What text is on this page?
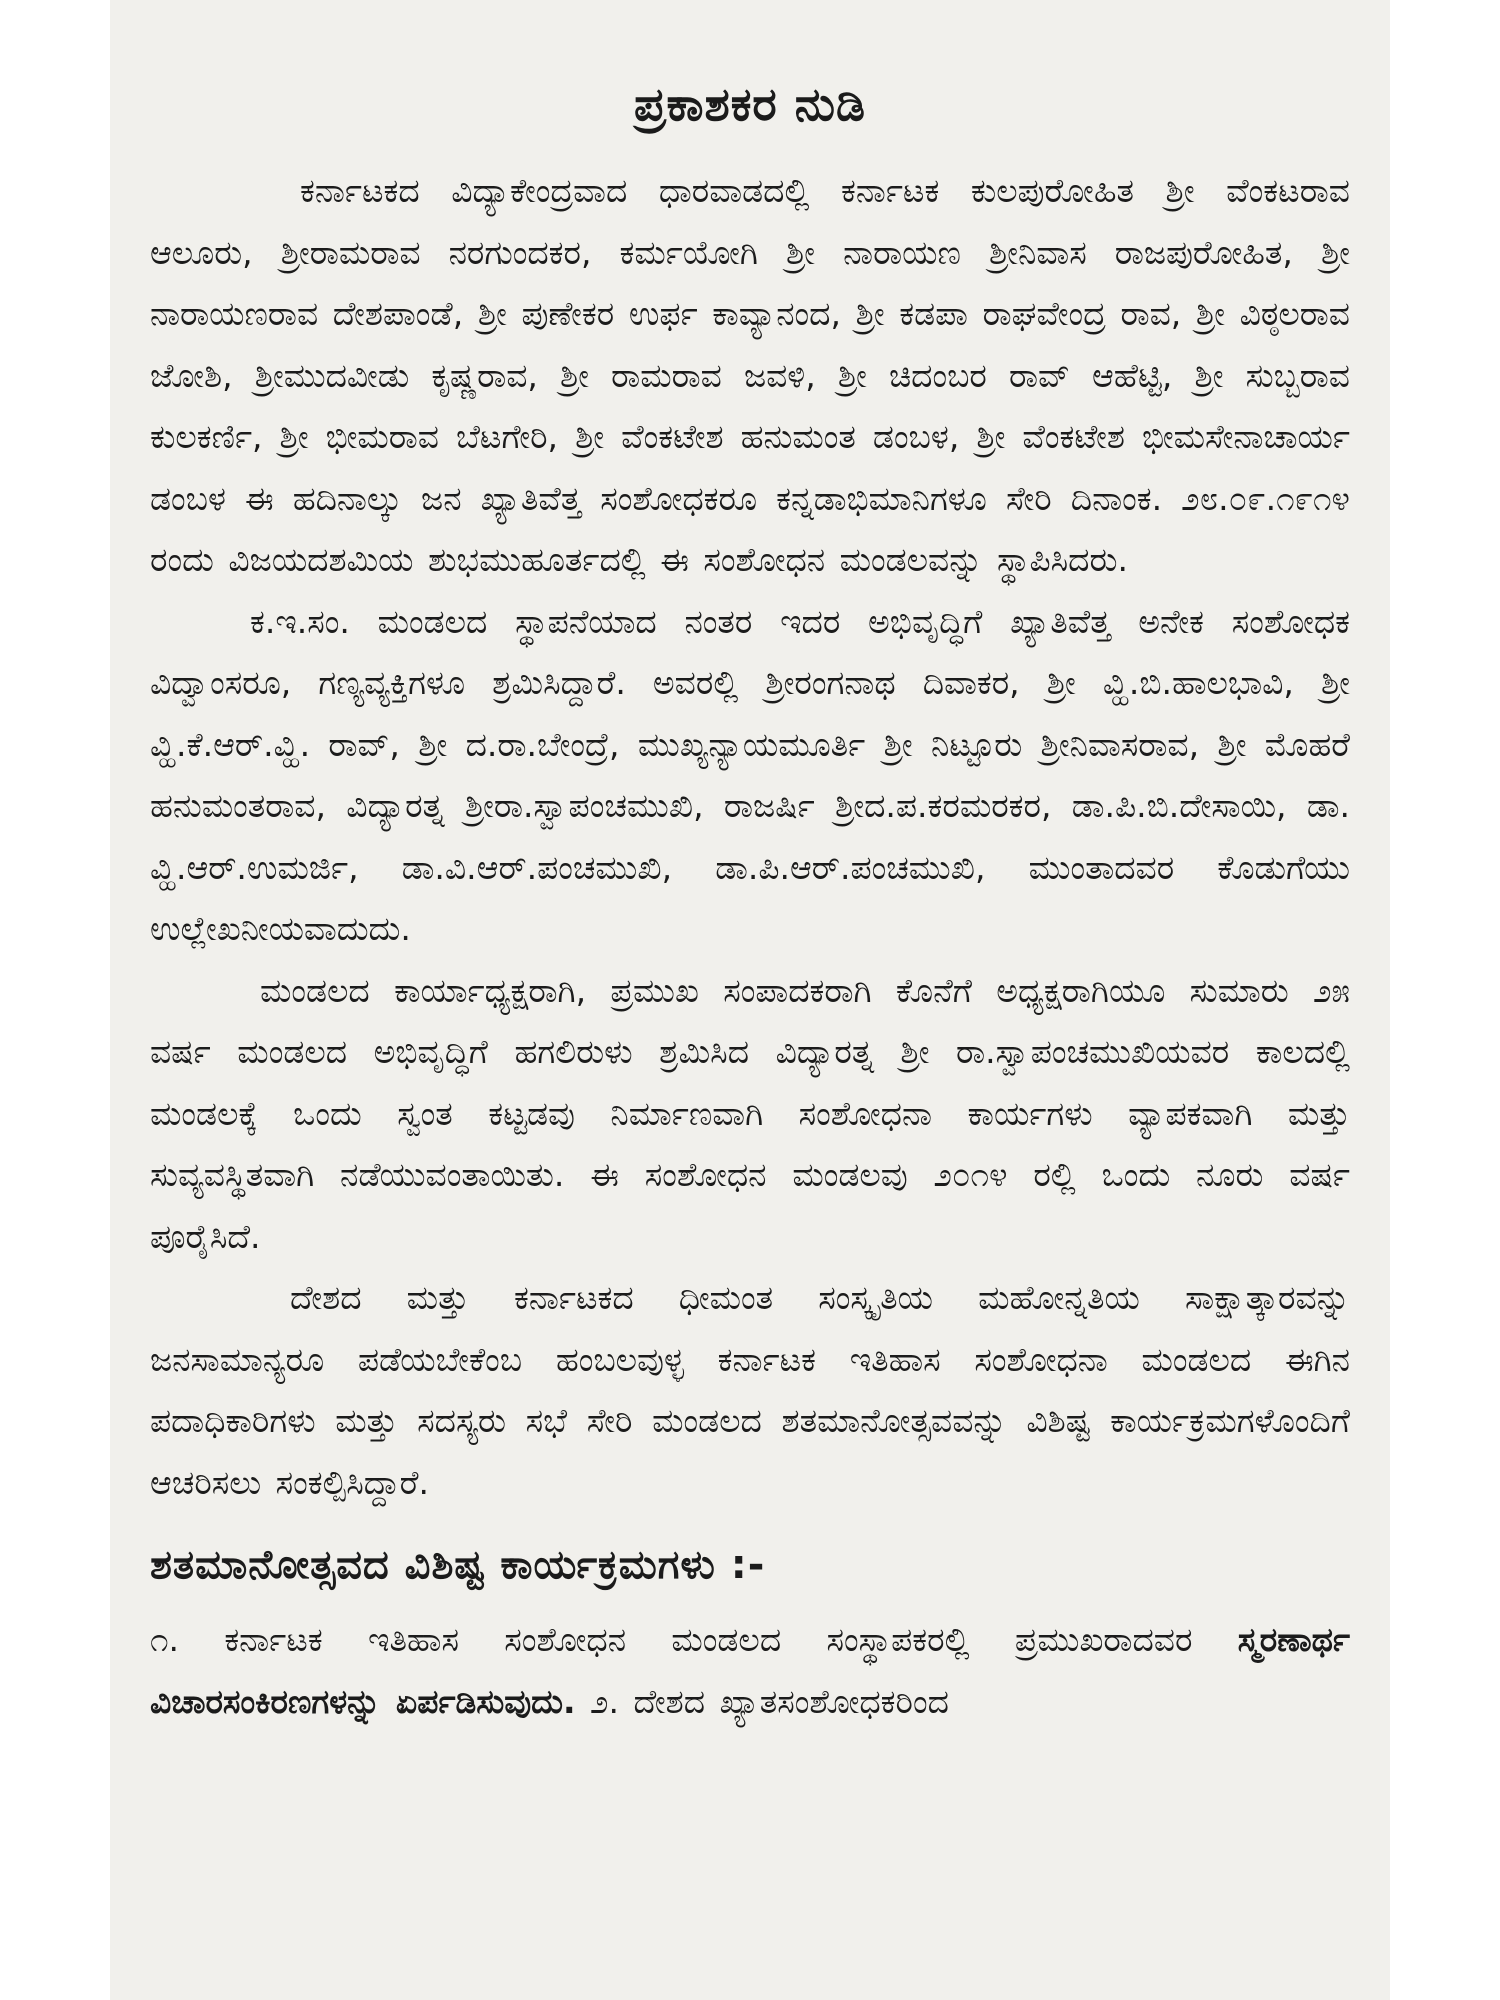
ಪ್ರಕಾಶಕರ ನುಡಿ

ಕರ್ನಾಟಕದ ವಿದ್ಯಾಕೇಂದ್ರವಾದ ಧಾರವಾಡದಲ್ಲಿ ಕರ್ನಾಟಕ ಕುಲಪುರೋಹಿತ ಶ್ರೀ ವೆಂಕಟರಾವ ಆಲೂರು, ಶ್ರೀರಾಮರಾವ ನರಗುಂದಕರ, ಕರ್ಮಯೋಗಿ ಶ್ರೀ ನಾರಾಯಣ ಶ್ರೀನಿವಾಸ ರಾಜಪುರೋಹಿತ, ಶ್ರೀ ನಾರಾಯಣರಾವ ದೇಶಪಾಂಡೆ, ಶ್ರೀ ಪುಣೇಕರ ಉರ್ಫ ಕಾವ್ಯಾನಂದ, ಶ್ರೀ ಕಡಪಾ ರಾಘವೇಂದ್ರ ರಾವ, ಶ್ರೀ ವಿಠ್ಠಲರಾವ ಜೋಶಿ, ಶ್ರೀಮುದವೀಡು ಕೃಷ್ಣರಾವ, ಶ್ರೀ ರಾಮರಾವ ಜವಳಿ, ಶ್ರೀ ಚಿದಂಬರ ರಾವ್ ಆಹೆಟ್ಟಿ, ಶ್ರೀ ಸುಬ್ಬರಾವ ಕುಲಕರ್ಣಿ, ಶ್ರೀ ಭೀಮರಾವ ಬೆಟಗೇರಿ, ಶ್ರೀ ವೆಂಕಟೇಶ ಹನುಮಂತ ಡಂಬಳ, ಶ್ರೀ ವೆಂಕಟೇಶ ಭೀಮಸೇನಾಚಾರ್ಯ ಡಂಬಳ ಈ ಹದಿನಾಲ್ಕು ಜನ ಖ್ಯಾತಿವೆತ್ತ ಸಂಶೋಧಕರೂ ಕನ್ನಡಾಭಿಮಾನಿಗಳೂ ಸೇರಿ ದಿನಾಂಕ. ೨೮.೦೯.೧೯೧೪ ರಂದು ವಿಜಯದಶಮಿಯ ಶುಭಮುಹೂರ್ತದಲ್ಲಿ ಈ ಸಂಶೋಧನ ಮಂಡಲವನ್ನು ಸ್ಥಾಪಿಸಿದರು.

ಕ.ಇ.ಸಂ. ಮಂಡಲದ ಸ್ಥಾಪನೆಯಾದ ನಂತರ ಇದರ ಅಭಿವೃದ್ಧಿಗೆ ಖ್ಯಾತಿವೆತ್ತ ಅನೇಕ ಸಂಶೋಧಕ ವಿದ್ವಾಂಸರೂ, ಗಣ್ಯವ್ಯಕ್ತಿಗಳೂ ಶ್ರಮಿಸಿದ್ದಾರೆ. ಅವರಲ್ಲಿ ಶ್ರೀರಂಗನಾಥ ದಿವಾಕರ, ಶ್ರೀ ವ್ಹಿ.ಬಿ.ಹಾಲಭಾವಿ, ಶ್ರೀ ವ್ಹಿ.ಕೆ.ಆರ್.ವ್ಹಿ. ರಾವ್, ಶ್ರೀ ದ.ರಾ.ಬೇಂದ್ರೆ, ಮುಖ್ಯನ್ಯಾಯಮೂರ್ತಿ ಶ್ರೀ ನಿಟ್ಟೂರು ಶ್ರೀನಿವಾಸರಾವ, ಶ್ರೀ ಮೊಹರೆ ಹನುಮಂತರಾವ, ವಿದ್ಯಾರತ್ನ ಶ್ರೀರಾ.ಸ್ವಾಪಂಚಮುಖಿ, ರಾಜರ್ಷಿ ಶ್ರೀದ.ಪ.ಕರಮರಕರ, ಡಾ.ಪಿ.ಬಿ.ದೇಸಾಯಿ, ಡಾ. ವ್ಹಿ.ಆರ್.ಉಮರ್ಜಿ, ಡಾ.ವಿ.ಆರ್.ಪಂಚಮುಖಿ, ಡಾ.ಪಿ.ಆರ್.ಪಂಚಮುಖಿ, ಮುಂತಾದವರ ಕೊಡುಗೆಯು ಉಲ್ಲೇಖನೀಯವಾದುದು.

ಮಂಡಲದ ಕಾರ್ಯಾಧ್ಯಕ್ಷರಾಗಿ, ಪ್ರಮುಖ ಸಂಪಾದಕರಾಗಿ ಕೊನೆಗೆ ಅಧ್ಯಕ್ಷರಾಗಿಯೂ ಸುಮಾರು ೨೫ ವರ್ಷ ಮಂಡಲದ ಅಭಿವೃದ್ಧಿಗೆ ಹಗಲಿರುಳು ಶ್ರಮಿಸಿದ ವಿದ್ಯಾರತ್ನ ಶ್ರೀ ರಾ.ಸ್ವಾಪಂಚಮುಖಿಯವರ ಕಾಲದಲ್ಲಿ ಮಂಡಲಕ್ಕೆ ಒಂದು ಸ್ವಂತ ಕಟ್ಟಡವು ನಿರ್ಮಾಣವಾಗಿ ಸಂಶೋಧನಾ ಕಾರ್ಯಗಳು ವ್ಯಾಪಕವಾಗಿ ಮತ್ತು ಸುವ್ಯವಸ್ಥಿತವಾಗಿ ನಡೆಯುವಂತಾಯಿತು. ಈ ಸಂಶೋಧನ ಮಂಡಲವು ೨೦೧೪ ರಲ್ಲಿ ಒಂದು ನೂರು ವರ್ಷ ಪೂರೈಸಿದೆ.

ದೇಶದ ಮತ್ತು ಕರ್ನಾಟಕದ ಧೀಮಂತ ಸಂಸ್ಕೃತಿಯ ಮಹೋನ್ನತಿಯ ಸಾಕ್ಷಾತ್ಕಾರವನ್ನು ಜನಸಾಮಾನ್ಯರೂ ಪಡೆಯಬೇಕೆಂಬ ಹಂಬಲವುಳ್ಳ ಕರ್ನಾಟಕ ಇತಿಹಾಸ ಸಂಶೋಧನಾ ಮಂಡಲದ ಈಗಿನ ಪದಾಧಿಕಾರಿಗಳು ಮತ್ತು ಸದಸ್ಯರು ಸಭೆ ಸೇರಿ ಮಂಡಲದ ಶತಮಾನೋತ್ಸವವನ್ನು ವಿಶಿಷ್ಟ ಕಾರ್ಯಕ್ರಮಗಳೊಂದಿಗೆ ಆಚರಿಸಲು ಸಂಕಲ್ಪಿಸಿದ್ದಾರೆ.

ಶತಮಾನೋತ್ಸವದ ವಿಶಿಷ್ಟ ಕಾರ್ಯಕ್ರಮಗಳು :-

೧. ಕರ್ನಾಟಕ ಇತಿಹಾಸ ಸಂಶೋಧನ ಮಂಡಲದ ಸಂಸ್ಥಾಪಕರಲ್ಲಿ ಪ್ರಮುಖರಾದವರ ಸ್ಮರಣಾರ್ಥ ವಿಚಾರಸಂಕಿರಣಗಳನ್ನು ಏರ್ಪಡಿಸುವುದು. ೨. ದೇಶದ ಖ್ಯಾತಸಂಶೋಧಕರಿಂದ
